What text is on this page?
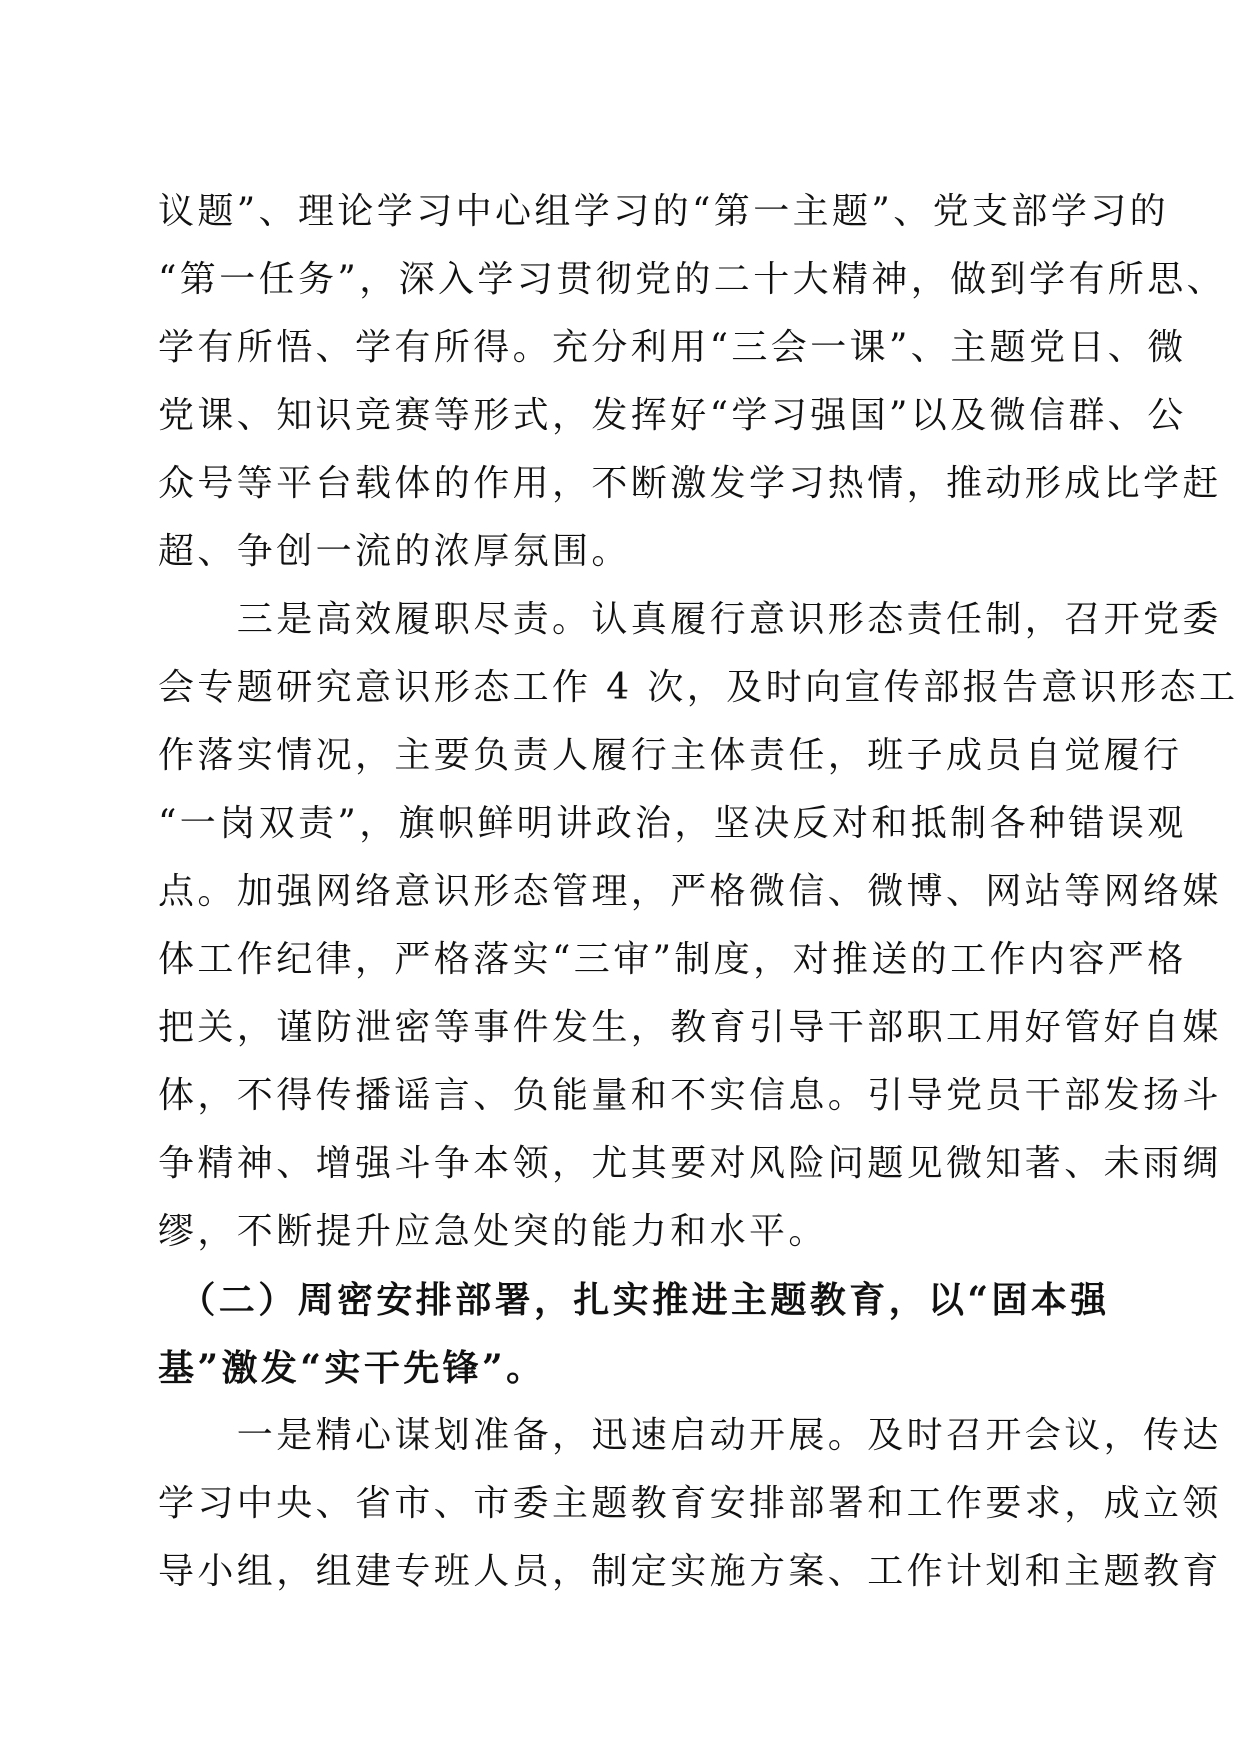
议题”、理论学习中心组学习的“第一主题”、党支部学习的
“第一任务”，深入学习贯彻党的二十大精神，做到学有所思、
学有所悟、学有所得。充分利用“三会一课”、主题党日、微
党课、知识竞赛等形式，发挥好“学习强国”以及微信群、公
众号等平台载体的作用，不断激发学习热情，推动形成比学赶
超、争创一流的浓厚氛围。
　　三是高效履职尽责。认真履行意识形态责任制，召开党委
会专题研究意识形态工作 4 次，及时向宣传部报告意识形态工
作落实情况，主要负责人履行主体责任，班子成员自觉履行
“一岗双责”，旗帜鲜明讲政治，坚决反对和抵制各种错误观
点。加强网络意识形态管理，严格微信、微博、网站等网络媒
体工作纪律，严格落实“三审”制度，对推送的工作内容严格
把关，谨防泄密等事件发生，教育引导干部职工用好管好自媒
体，不得传播谣言、负能量和不实信息。引导党员干部发扬斗
争精神、增强斗争本领，尤其要对风险问题见微知著、未雨绸
缪，不断提升应急处突的能力和水平。
　（二）周密安排部署，扎实推进主题教育，以“固本强
基”激发“实干先锋”。
　　一是精心谋划准备，迅速启动开展。及时召开会议，传达
学习中央、省市、市委主题教育安排部署和工作要求，成立领
导小组，组建专班人员，制定实施方案、工作计划和主题教育
